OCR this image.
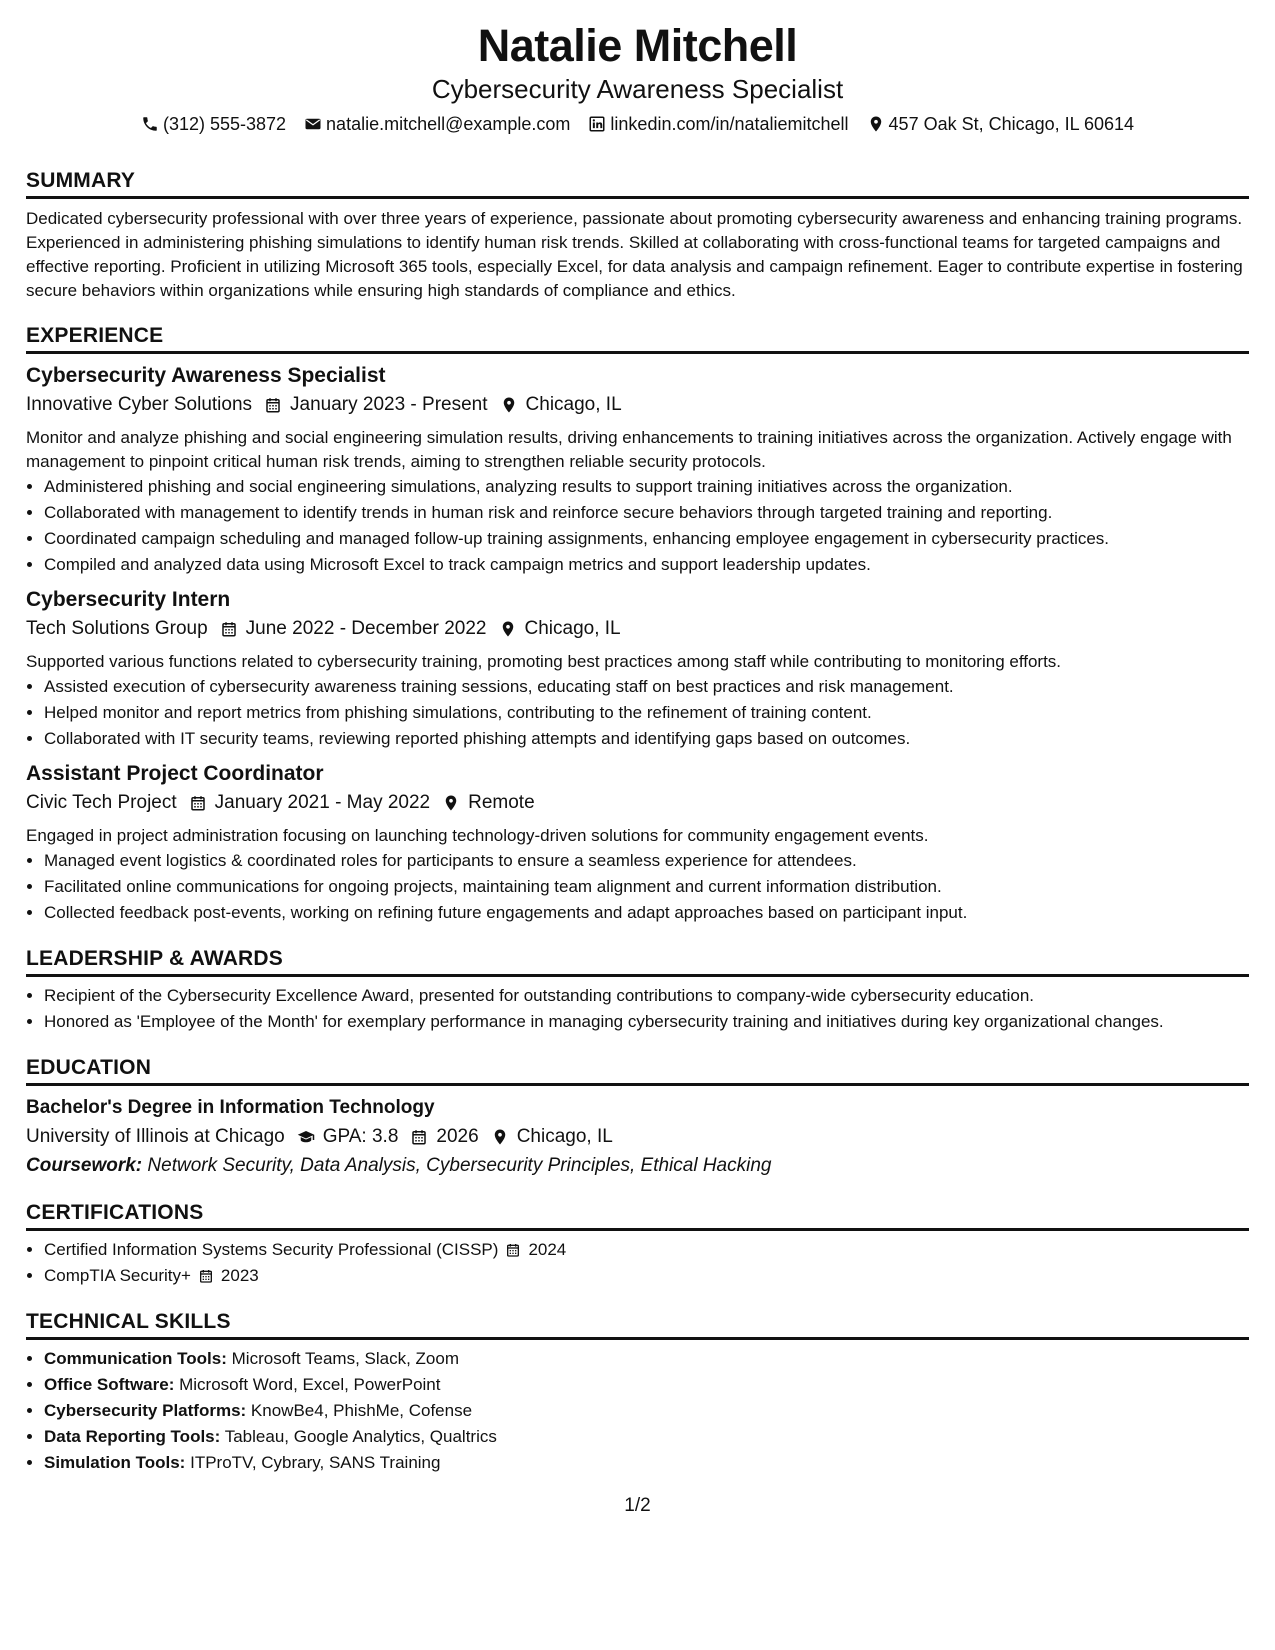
Natalie Mitchell
Cybersecurity Awareness Specialist
(312) 555-3872 natalie.mitchell@example.com linkedin.com/in/nataliemitchell 457 Oak St, Chicago, IL 60614
SUMMARY

Dedicated cybersecurity professional with over three years of experience, passionate about promoting cybersecurity awareness and enhancing training programs. Experienced in administering phishing simulations to identify human risk trends. Skilled at collaborating with cross-functional teams for targeted campaigns and effective reporting. Proficient in utilizing Microsoft 365 tools, especially Excel, for data analysis and campaign refinement. Eager to contribute expertise in fostering secure behaviors within organizations while ensuring high standards of compliance and ethics.

EXPERIENCE
Cybersecurity Awareness Specialist
Innovative Cyber Solutions January 2023 - Present Chicago, IL

Monitor and analyze phishing and social engineering simulation results, driving enhancements to training initiatives across the organization. Actively engage with management to pinpoint critical human risk trends, aiming to strengthen reliable security protocols.

• Administered phishing and social engineering simulations, analyzing results to support training initiatives across the organization.
• Collaborated with management to identify trends in human risk and reinforce secure behaviors through targeted training and reporting.
• Coordinated campaign scheduling and managed follow-up training assignments, enhancing employee engagement in cybersecurity practices.
• Compiled and analyzed data using Microsoft Excel to track campaign metrics and support leadership updates.
Cybersecurity Intern
Tech Solutions Group June 2022 - December 2022 Chicago, IL

Supported various functions related to cybersecurity training, promoting best practices among staff while contributing to monitoring efforts.

• Assisted execution of cybersecurity awareness training sessions, educating staff on best practices and risk management.
• Helped monitor and report metrics from phishing simulations, contributing to the refinement of training content.
• Collaborated with IT security teams, reviewing reported phishing attempts and identifying gaps based on outcomes.
Assistant Project Coordinator
Civic Tech Project January 2021 - May 2022 Remote

Engaged in project administration focusing on launching technology-driven solutions for community engagement events.

• Managed event logistics & coordinated roles for participants to ensure a seamless experience for attendees.
• Facilitated online communications for ongoing projects, maintaining team alignment and current information distribution.
• Collected feedback post-events, working on refining future engagements and adapt approaches based on participant input.
LEADERSHIP & AWARDS
• Recipient of the Cybersecurity Excellence Award, presented for outstanding contributions to company-wide cybersecurity education.
• Honored as 'Employee of the Month' for exemplary performance in managing cybersecurity training and initiatives during key organizational changes.
EDUCATION
Bachelor's Degree in Information Technology
University of Illinois at Chicago GPA: 3.8 2026 Chicago, IL
Coursework: Network Security, Data Analysis, Cybersecurity Principles, Ethical Hacking
CERTIFICATIONS
• Certified Information Systems Security Professional (CISSP) 2024
• CompTIA Security+ 2023
TECHNICAL SKILLS
• Communication Tools: Microsoft Teams, Slack, Zoom
• Office Software: Microsoft Word, Excel, PowerPoint
• Cybersecurity Platforms: KnowBe4, PhishMe, Cofense
• Data Reporting Tools: Tableau, Google Analytics, Qualtrics
• Simulation Tools: ITProTV, Cybrary, SANS Training
1/2
